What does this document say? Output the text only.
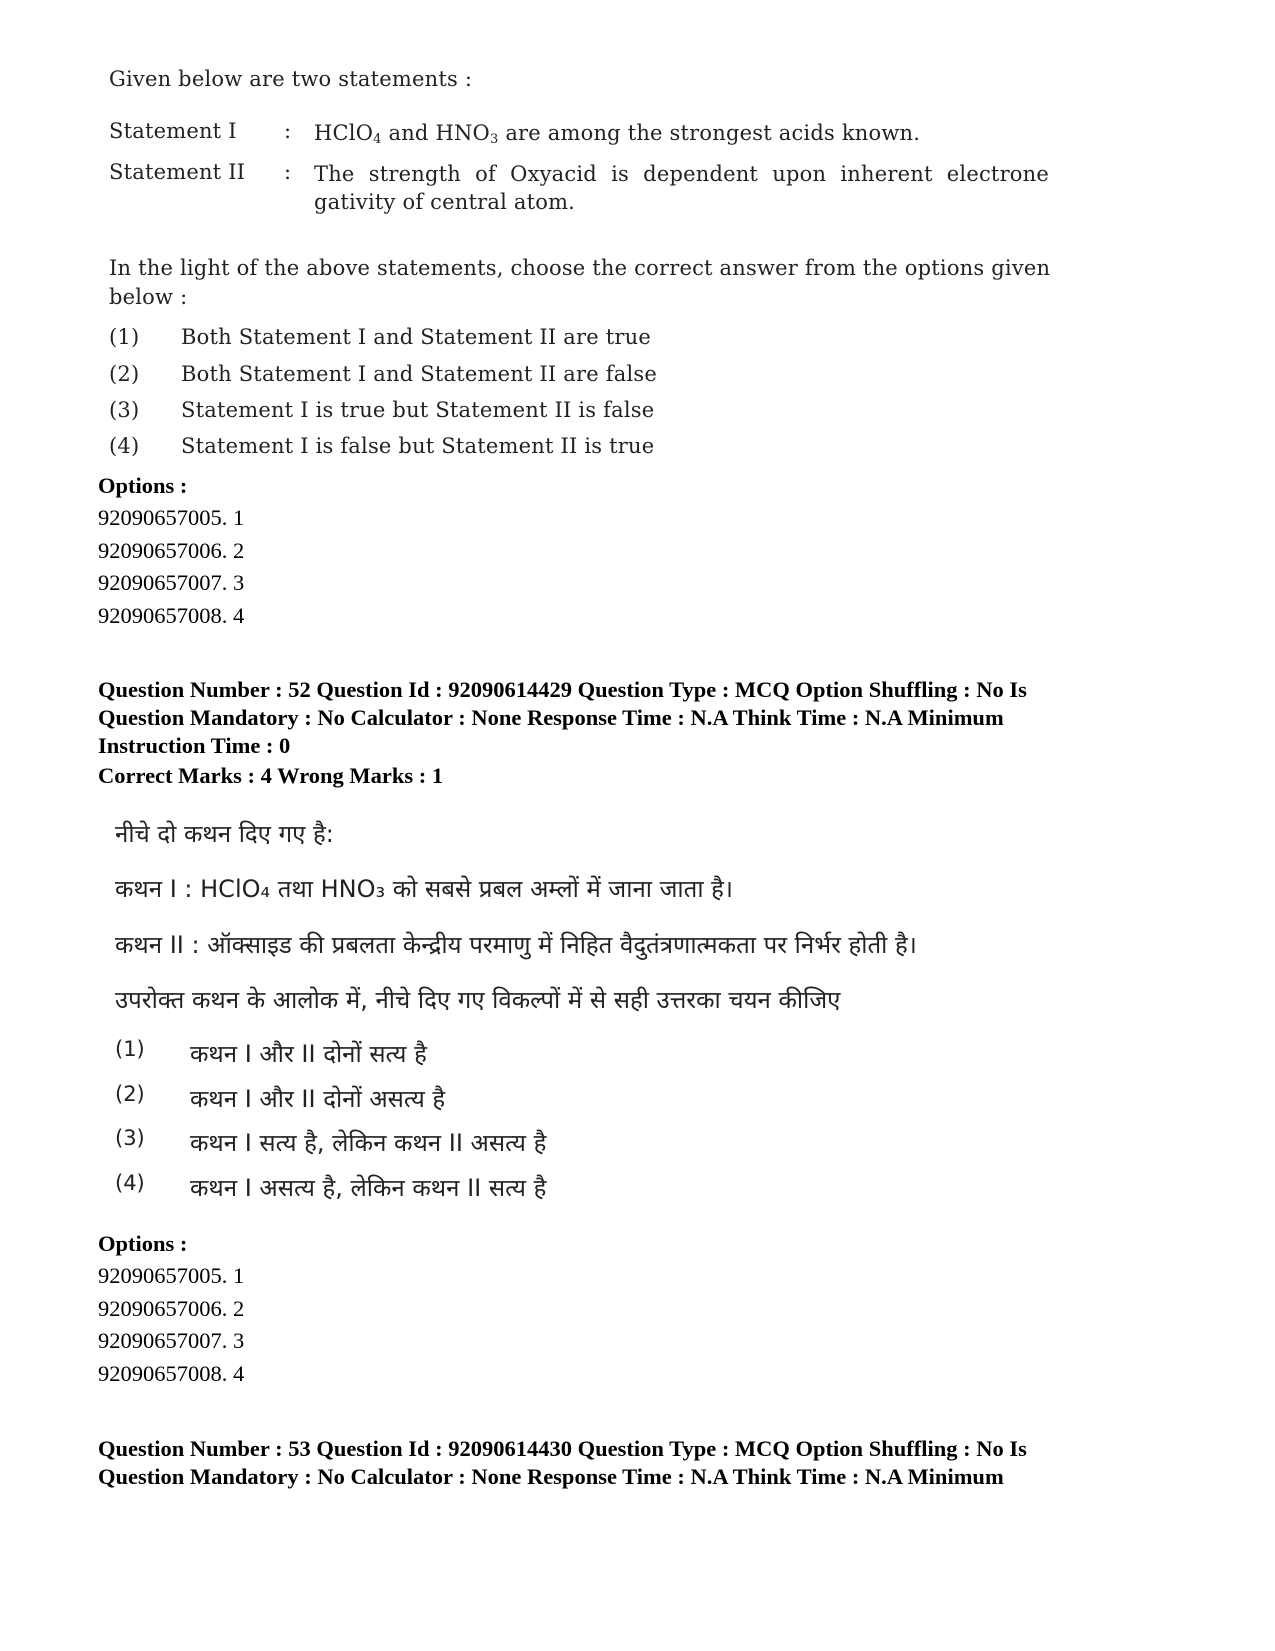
Given below are two statements :
Statement I	:	HClO$_4$ and $HNO_3$ are among the strongest acids known.
Statement II	:	The strength of Oxyacid is dependent upon inherent electrone gativity of central atom.
In the light of the above statements, choose the correct answer from the options given below :
(1)	Both Statement I and Statement II are true
(2)	Both Statement I and Statement II are false
(3)	Statement I is true but Statement II is false
(4)	Statement I is false but Statement II is true
Options :
92090657005. 1
92090657006. 2
92090657007. 3
92090657008. 4
Question Number : 52 Question Id : 92090614429 Question Type : MCQ Option Shuffling : No Is
Question Mandatory : No Calculator : None Response Time : N.A Think Time : N.A Minimum
Instruction Time : 0
Correct Marks : 4 Wrong Marks : 1
नीचे दो कथन दिए गए है:
कथन I : HClO₄ तथा HNO₃ को सबसे प्रबल अम्लों में जाना जाता है।
कथन II : ऑक्साइड की प्रबलता केन्द्रीय परमाणु में निहित वैदुतंत्रणात्मकता पर निर्भर होती है।
उपरोक्त कथन के आलोक में, नीचे दिए गए विकल्पों में से सही उत्तरका चयन कीजिए
(1)	कथन I और II दोनों सत्य है
(2)	कथन I और II दोनों असत्य है
(3)	कथन I सत्य है, लेकिन कथन II असत्य है
(4)	कथन I असत्य है, लेकिन कथन II सत्य है
Options :
92090657005. 1
92090657006. 2
92090657007. 3
92090657008. 4
Question Number : 53 Question Id : 92090614430 Question Type : MCQ Option Shuffling : No Is
Question Mandatory : No Calculator : None Response Time : N.A Think Time : N.A Minimum
